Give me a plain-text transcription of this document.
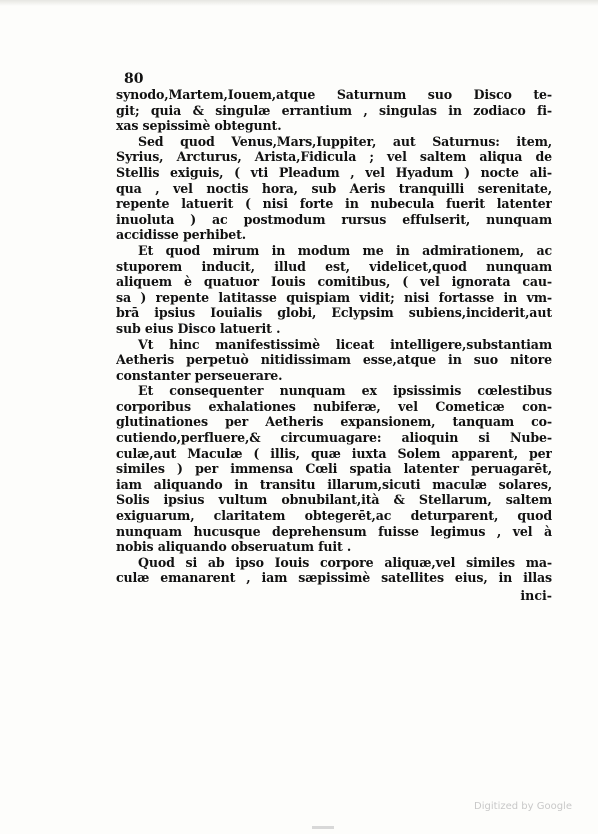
80
synodo,Martem,Iouem,atque Saturnum suo Disco te-
git; quia & singulæ errantium , singulas in zodiaco fi-
xas sepissimè obtegunt.
Sed quod Venus,Mars,Iuppiter, aut Saturnus: item,
Syrius, Arcturus, Arista,Fidicula ; vel saltem aliqua de
Stellis exiguis, ( vti Pleadum , vel Hyadum ) nocte ali-
qua , vel noctis hora, sub Aeris tranquilli serenitate,
repente latuerit ( nisi forte in nubecula fuerit latenter
inuoluta ) ac postmodum rursus effulserit, nunquam
accidisse perhibet.
Et quod mirum in modum me in admirationem, ac
stuporem inducit, illud est, videlicet,quod nunquam
aliquem è quatuor Iouis comitibus, ( vel ignorata cau-
sa ) repente latitasse quispiam vidit; nisi fortasse in vm-
brā ipsius Iouialis globi, Eclypsim subiens,inciderit,aut
sub eius Disco latuerit .
Vt hinc manifestissimè liceat intelligere,substantiam
Aetheris perpetuò nitidissimam esse,atque in suo nitore
constanter perseuerare.
Et consequenter nunquam ex ipsissimis cœlestibus
corporibus exhalationes nubiferæ, vel Cometicæ con-
glutinationes per Aetheris expansionem, tanquam co-
cutiendo,perfluere,& circumuagare: alioquin si Nube-
culæ,aut Maculæ ( illis, quæ iuxta Solem apparent, per
similes ) per immensa Cœli spatia latenter peruagarēt,
iam aliquando in transitu illarum,sicuti maculæ solares,
Solis ipsius vultum obnubilant,ità & Stellarum, saltem
exiguarum, claritatem obtegerēt,ac deturparent, quod
nunquam hucusque deprehensum fuisse legimus , vel à
nobis aliquando obseruatum fuit .
Quod si ab ipso Iouis corpore aliquæ,vel similes ma-
culæ emanarent , iam sæpissimè satellites eius, in illas
inci-
Digitized by Google
